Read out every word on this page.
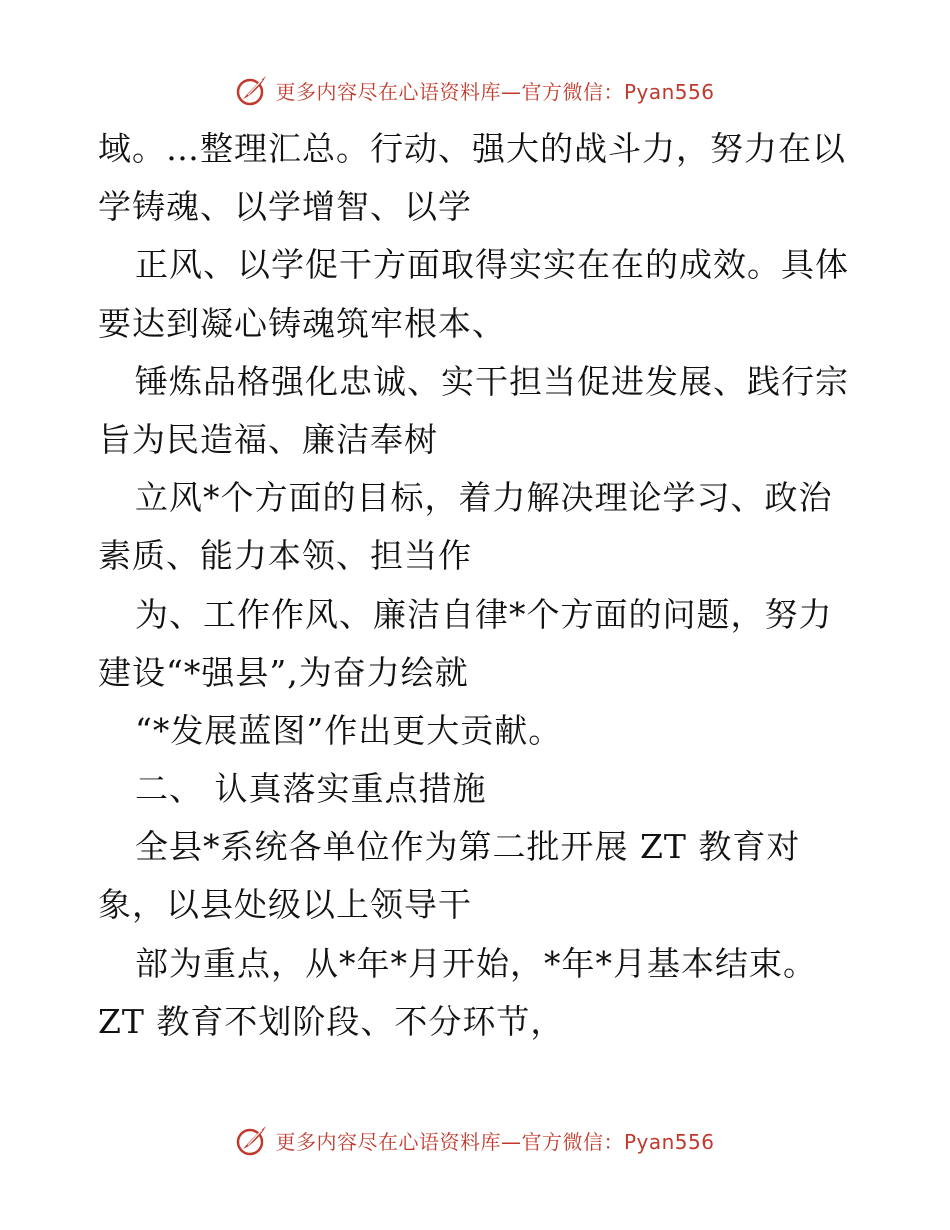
更多内容尽在心语资料库—官方微信：Pyan556
域。…整理汇总。行动、强大的战斗力，努力在以
学铸魂、以学增智、以学
正风、以学促干方面取得实实在在的成效。具体
要达到凝心铸魂筑牢根本、
锤炼品格强化忠诚、实干担当促进发展、践行宗
旨为民造福、廉洁奉树
立风*个方面的目标，着力解决理论学习、政治
素质、能力本领、担当作
为、工作作风、廉洁自律*个方面的问题，努力
建设“*强县”,为奋力绘就
“*发展蓝图”作出更大贡献。
二、 认真落实重点措施
全县*系统各单位作为第二批开展 ZT 教育对
象，以县处级以上领导干
部为重点，从*年*月开始，*年*月基本结束。
ZT 教育不划阶段、不分环节，
更多内容尽在心语资料库—官方微信：Pyan556
